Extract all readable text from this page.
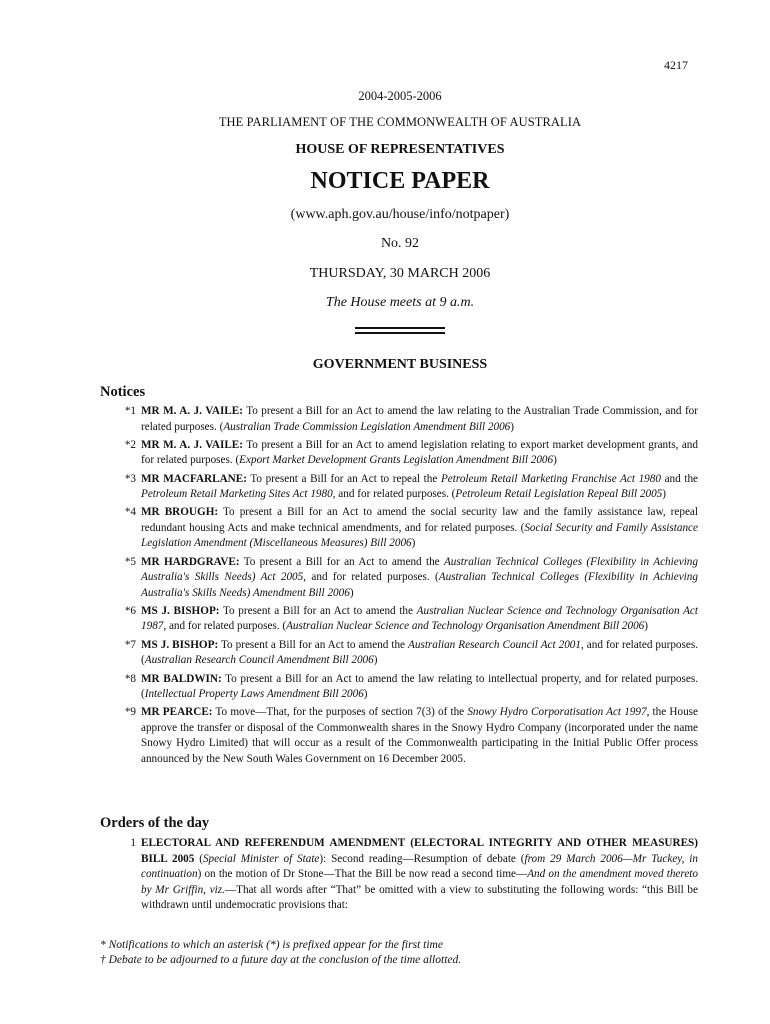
4217
2004-2005-2006
THE PARLIAMENT OF THE COMMONWEALTH OF AUSTRALIA
HOUSE OF REPRESENTATIVES
NOTICE PAPER
(www.aph.gov.au/house/info/notpaper)
No. 92
THURSDAY, 30 MARCH 2006
The House meets at 9 a.m.
GOVERNMENT BUSINESS
Notices
*1 MR M. A. J. VAILE: To present a Bill for an Act to amend the law relating to the Australian Trade Commission, and for related purposes. (Australian Trade Commission Legislation Amendment Bill 2006)
*2 MR M. A. J. VAILE: To present a Bill for an Act to amend legislation relating to export market development grants, and for related purposes. (Export Market Development Grants Legislation Amendment Bill 2006)
*3 MR MACFARLANE: To present a Bill for an Act to repeal the Petroleum Retail Marketing Franchise Act 1980 and the Petroleum Retail Marketing Sites Act 1980, and for related purposes. (Petroleum Retail Legislation Repeal Bill 2005)
*4 MR BROUGH: To present a Bill for an Act to amend the social security law and the family assistance law, repeal redundant housing Acts and make technical amendments, and for related purposes. (Social Security and Family Assistance Legislation Amendment (Miscellaneous Measures) Bill 2006)
*5 MR HARDGRAVE: To present a Bill for an Act to amend the Australian Technical Colleges (Flexibility in Achieving Australia's Skills Needs) Act 2005, and for related purposes. (Australian Technical Colleges (Flexibility in Achieving Australia's Skills Needs) Amendment Bill 2006)
*6 MS J. BISHOP: To present a Bill for an Act to amend the Australian Nuclear Science and Technology Organisation Act 1987, and for related purposes. (Australian Nuclear Science and Technology Organisation Amendment Bill 2006)
*7 MS J. BISHOP: To present a Bill for an Act to amend the Australian Research Council Act 2001, and for related purposes. (Australian Research Council Amendment Bill 2006)
*8 MR BALDWIN: To present a Bill for an Act to amend the law relating to intellectual property, and for related purposes. (Intellectual Property Laws Amendment Bill 2006)
*9 MR PEARCE: To move—That, for the purposes of section 7(3) of the Snowy Hydro Corporatisation Act 1997, the House approve the transfer or disposal of the Commonwealth shares in the Snowy Hydro Company (incorporated under the name Snowy Hydro Limited) that will occur as a result of the Commonwealth participating in the Initial Public Offer process announced by the New South Wales Government on 16 December 2005.
Orders of the day
1 ELECTORAL AND REFERENDUM AMENDMENT (ELECTORAL INTEGRITY AND OTHER MEASURES) BILL 2005 (Special Minister of State): Second reading—Resumption of debate (from 29 March 2006—Mr Tuckey, in continuation) on the motion of Dr Stone—That the Bill be now read a second time—And on the amendment moved thereto by Mr Griffin, viz.—That all words after “That” be omitted with a view to substituting the following words: “this Bill be withdrawn until undemocratic provisions that:
* Notifications to which an asterisk (*) is prefixed appear for the first time
† Debate to be adjourned to a future day at the conclusion of the time allotted.
